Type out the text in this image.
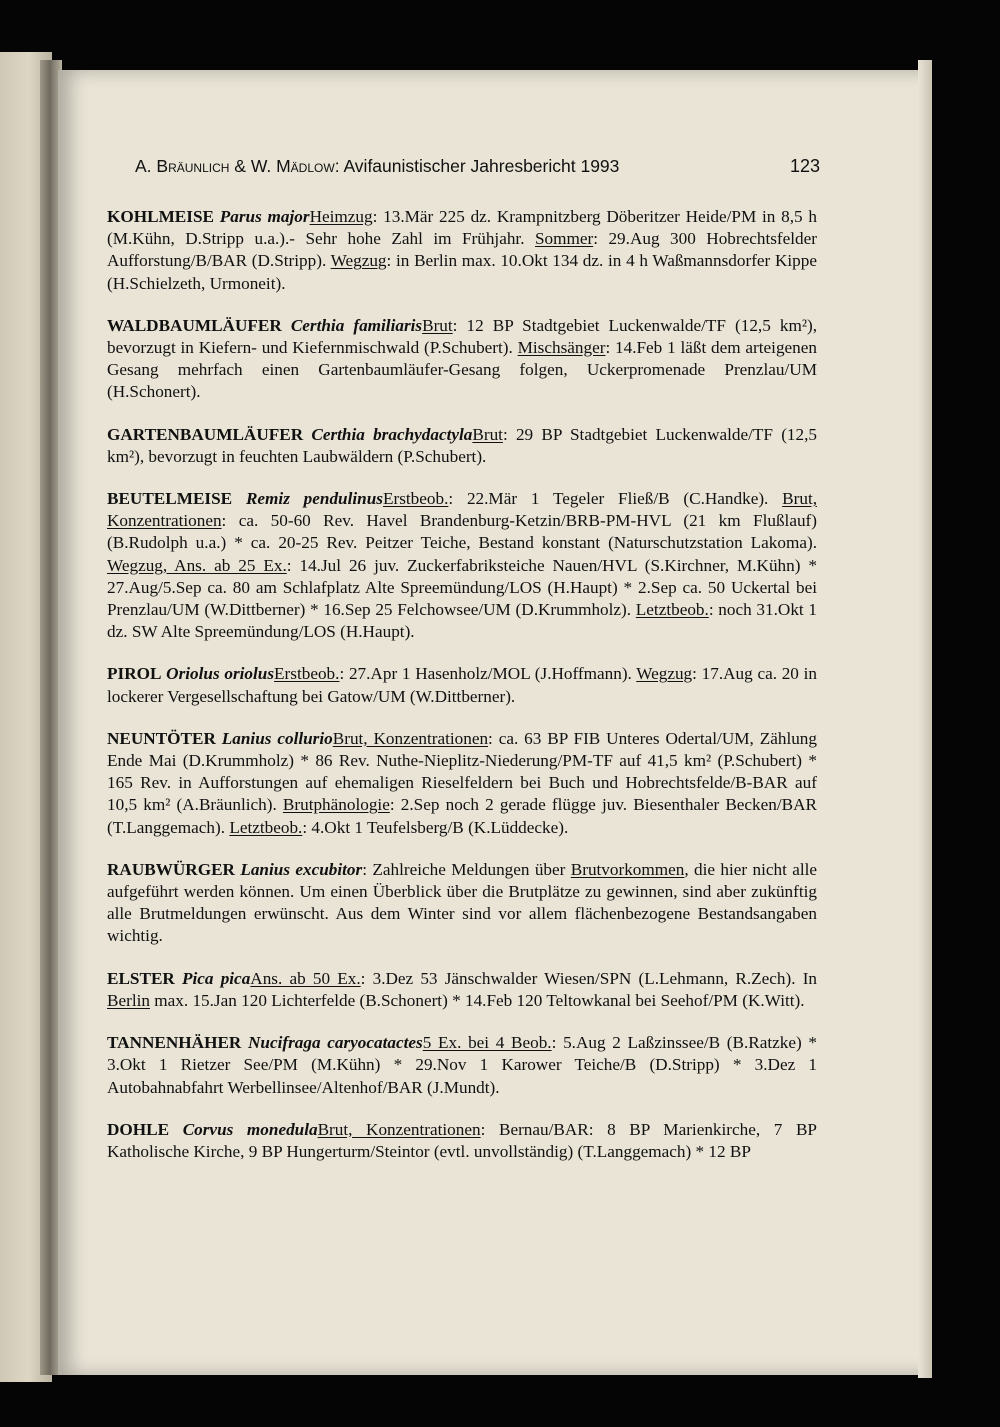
A. Bräunlich & W. Mädlow: Avifaunistischer Jahresbericht 1993	123

KOHLMEISE Parus majorHeimzug: 13.Mär 225 dz. Krampnitzberg Döberitzer Heide/PM in 8,5 h (M.Kühn, D.Stripp u.a.).- Sehr hohe Zahl im Frühjahr. Sommer: 29.Aug 300 Hobrechtsfelder Aufforstung/B/BAR (D.Stripp). Wegzug: in Berlin max. 10.Okt 134 dz. in 4 h Waßmannsdorfer Kippe (H.Schielzeth, Urmoneit).

WALDBAUMLÄUFER Certhia familiarisBrut: 12 BP Stadtgebiet Luckenwalde/TF (12,5 km²), bevorzugt in Kiefern- und Kiefernmischwald (P.Schubert). Mischsänger: 14.Feb 1 läßt dem arteigenen Gesang mehrfach einen Gartenbaumläufer-Gesang folgen, Uckerpromenade Prenzlau/UM (H.Schonert).

GARTENBAUMLÄUFER Certhia brachydactylaBrut: 29 BP Stadtgebiet Luckenwalde/TF (12,5 km²), bevorzugt in feuchten Laubwäldern (P.Schubert).

BEUTELMEISE Remiz pendulinusErstbeob.: 22.Mär 1 Tegeler Fließ/B (C.Handke). Brut, Konzentrationen: ca. 50-60 Rev. Havel Brandenburg-Ketzin/BRB-PM-HVL (21 km Flußlauf) (B.Rudolph u.a.) * ca. 20-25 Rev. Peitzer Teiche, Bestand konstant (Naturschutzstation Lakoma). Wegzug, Ans. ab 25 Ex.: 14.Jul 26 juv. Zuckerfabriksteiche Nauen/HVL (S.Kirchner, M.Kühn) * 27.Aug/5.Sep ca. 80 am Schlafplatz Alte Spreemündung/LOS (H.Haupt) * 2.Sep ca. 50 Uckertal bei Prenzlau/UM (W.Dittberner) * 16.Sep 25 Felchowsee/UM (D.Krummholz). Letztbeob.: noch 31.Okt 1 dz. SW Alte Spreemündung/LOS (H.Haupt).

PIROL Oriolus oriolusErstbeob.: 27.Apr 1 Hasenholz/MOL (J.Hoffmann). Wegzug: 17.Aug ca. 20 in lockerer Vergesellschaftung bei Gatow/UM (W.Dittberner).

NEUNTÖTER Lanius collurioBrut, Konzentrationen: ca. 63 BP FIB Unteres Odertal/UM, Zählung Ende Mai (D.Krummholz) * 86 Rev. Nuthe-Nieplitz-Niederung/PM-TF auf 41,5 km² (P.Schubert) * 165 Rev. in Aufforstungen auf ehemaligen Rieselfeldern bei Buch und Hobrechtsfelde/B-BAR auf 10,5 km² (A.Bräunlich). Brutphänologie: 2.Sep noch 2 gerade flügge juv. Biesenthaler Becken/BAR (T.Langgemach). Letztbeob.: 4.Okt 1 Teufelsberg/B (K.Lüddecke).

RAUBWÜRGER Lanius excubitor: Zahlreiche Meldungen über Brutvorkommen, die hier nicht alle aufgeführt werden können. Um einen Überblick über die Brutplätze zu gewinnen, sind aber zukünftig alle Brutmeldungen erwünscht. Aus dem Winter sind vor allem flächenbezogene Bestandsangaben wichtig.

ELSTER Pica picaAns. ab 50 Ex.: 3.Dez 53 Jänschwalder Wiesen/SPN (L.Lehmann, R.Zech). In Berlin max. 15.Jan 120 Lichterfelde (B.Schonert) * 14.Feb 120 Teltowkanal bei Seehof/PM (K.Witt).

TANNENHÄHER Nucifraga caryocatactes5 Ex. bei 4 Beob.: 5.Aug 2 Laßzinssee/B (B.Ratzke) * 3.Okt 1 Rietzer See/PM (M.Kühn) * 29.Nov 1 Karower Teiche/B (D.Stripp) * 3.Dez 1 Autobahnabfahrt Werbellinsee/Altenhof/BAR (J.Mundt).

DOHLE Corvus monedulaBrut, Konzentrationen: Bernau/BAR: 8 BP Marienkirche, 7 BP Katholische Kirche, 9 BP Hungerturm/Steintor (evtl. unvollständig) (T.Langgemach) * 12 BP
